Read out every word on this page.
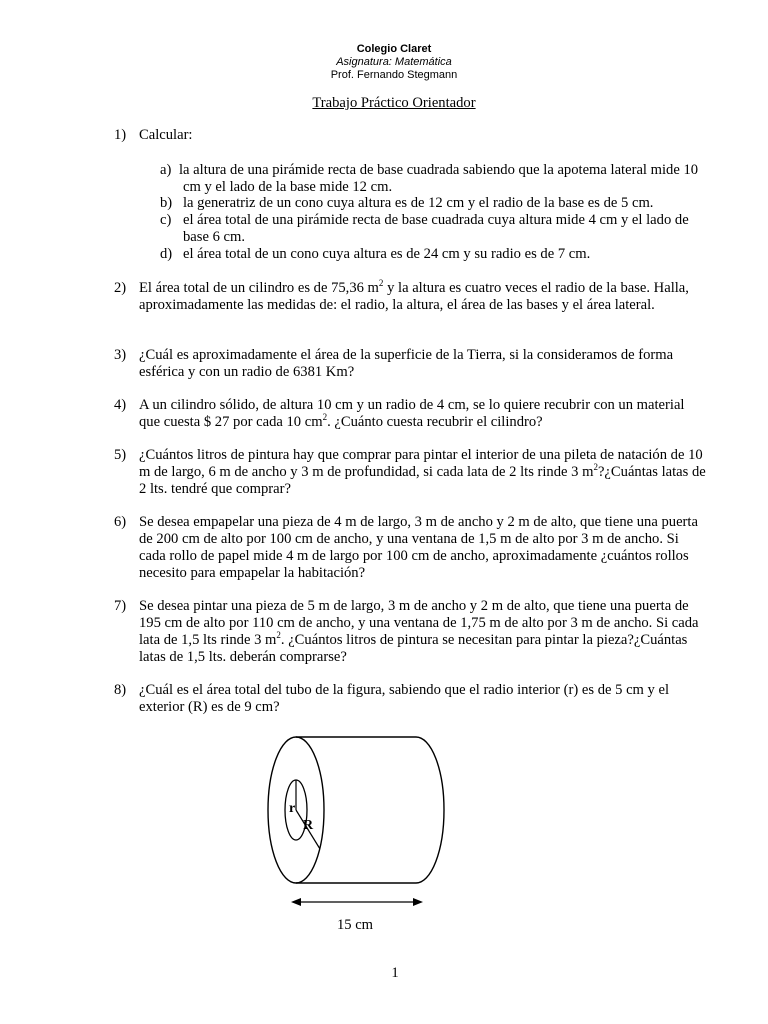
Colegio Claret
Asignatura: Matemática
Prof. Fernando Stegmann
Trabajo Práctico Orientador
1) Calcular:
a) la altura de una pirámide recta de base cuadrada sabiendo que la apotema lateral mide 10 cm y el lado de la base mide 12 cm.
b) la generatriz de un cono cuya altura es de 12 cm y el radio de la base es de 5 cm.
c) el área total de una pirámide recta de base cuadrada cuya altura mide 4 cm y el lado de base 6 cm.
d) el área total de un cono cuya altura es de 24 cm y su radio es de 7 cm.
2) El área total de un cilindro es de 75,36 $m^2$ y la altura es cuatro veces el radio de la base. Halla, aproximadamente las medidas de: el radio, la altura, el área de las bases y el área lateral.
3) ¿Cuál es aproximadamente el área de la superficie de la Tierra, si la consideramos de forma esférica y con un radio de 6381 Km?
4) A un cilindro sólido, de altura 10 cm y un radio de 4 cm, se lo quiere recubrir con un material que cuesta $ 27 por cada 10 $cm^2$. ¿Cuánto cuesta recubrir el cilindro?
5) ¿Cuántos litros de pintura hay que comprar para pintar el interior de una pileta de natación de 10 m de largo, 6 m de ancho y 3 m de profundidad, si cada lata de 2 lts rinde 3 $m^2?¿Cuántas$ latas de 2 lts. tendré que comprar?
6) Se desea empapelar una pieza de 4 m de largo, 3 m de ancho y 2 m de alto, que tiene una puerta de 200 cm de alto por 100 cm de ancho, y una ventana de 1,5 m de alto por 3 m de ancho. Si cada rollo de papel mide 4 m de largo por 100 cm de ancho, aproximadamente ¿cuántos rollos necesito para empapelar la habitación?
7) Se desea pintar una pieza de 5 m de largo, 3 m de ancho y 2 m de alto, que tiene una puerta de 195 cm de alto por 110 cm de ancho, y una ventana de 1,75 m de alto por 3 m de ancho. Si cada lata de 1,5 lts rinde 3 $m^2$. ¿Cuántos litros de pintura se necesitan para pintar la pieza?¿Cuántas latas de 1,5 lts. deberán comprarse?
8) ¿Cuál es el área total del tubo de la figura, sabiendo que el radio interior (r) es de 5 cm y el exterior (R) es de 9 cm?
r
R
15 cm
1
